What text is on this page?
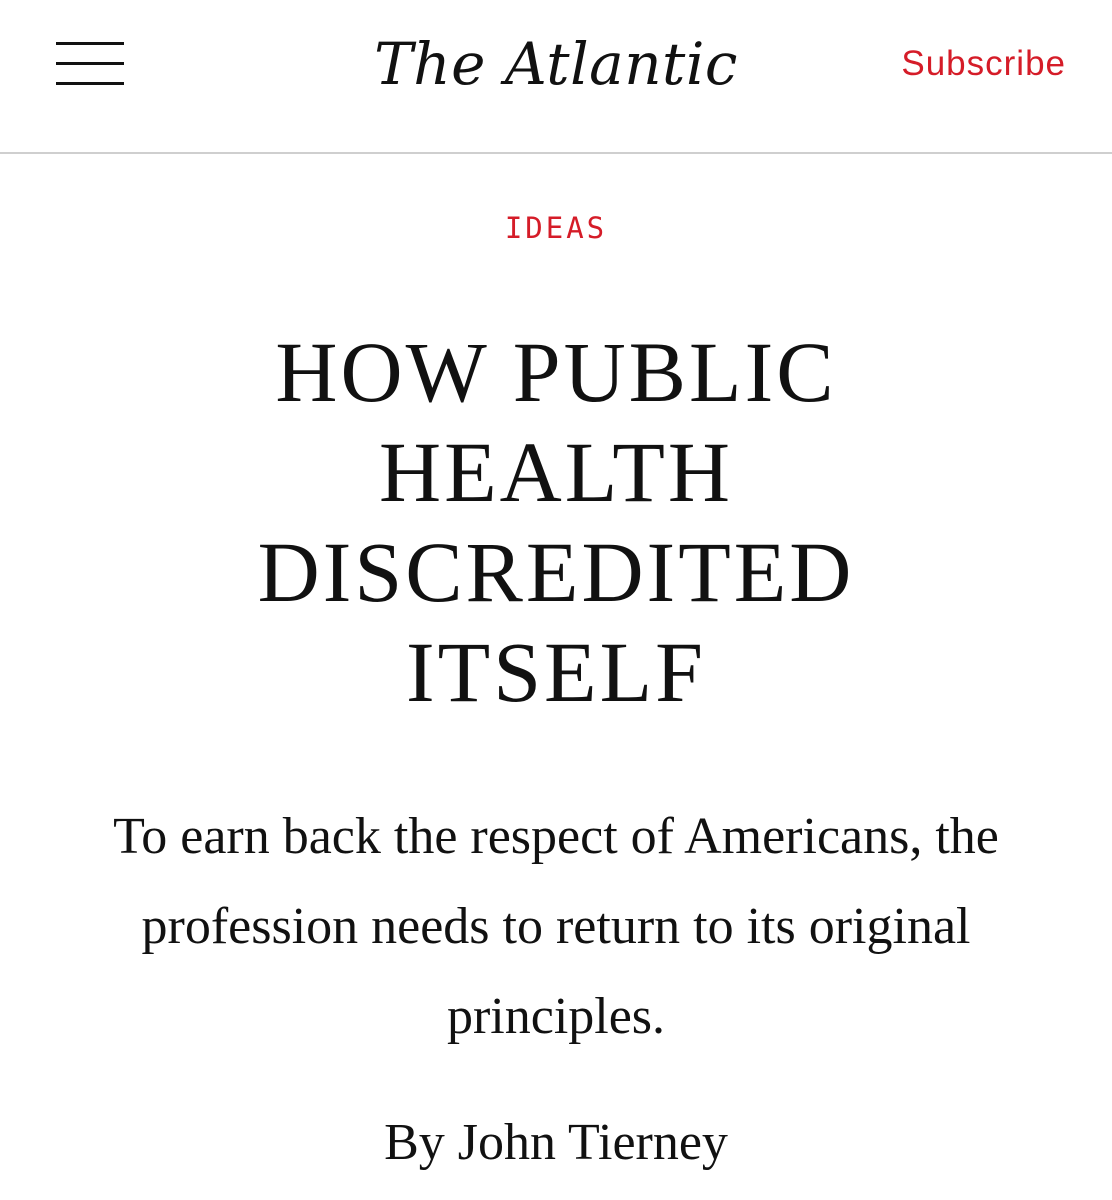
The Atlantic	Subscribe
IDEAS
HOW PUBLIC HEALTH DISCREDITED ITSELF

To earn back the respect of Americans, the profession needs to return to its original principles.

By John Tierney
